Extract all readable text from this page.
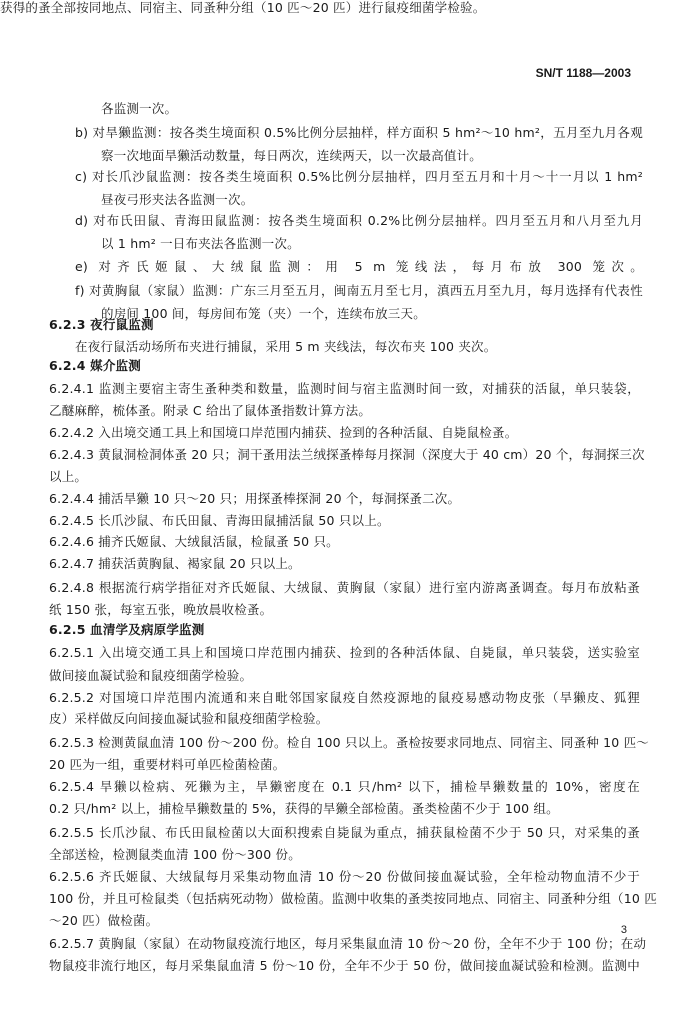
SN/T 1188—2003
各监测一次。
b) 对旱獭监测：按各类生境面积 0.5%比例分层抽样，样方面积 5 hm²～10 hm²，五月至九月各观
察一次地面旱獭活动数量，每日两次，连续两天，以一次最高值计。
c) 对长爪沙鼠监测：按各类生境面积 0.5%比例分层抽样，四月至五月和十月～十一月以 1 hm²
昼夜弓形夹法各监测一次。
d) 对布氏田鼠、青海田鼠监测：按各类生境面积 0.2%比例分层抽样。四月至五月和八月至九月
以 1 hm² 一日布夹法各监测一次。
e) 对齐氏姬鼠、大绒鼠监测：用 5 m 笼线法，每月布放 300 笼次。
f) 对黄胸鼠（家鼠）监测：广东三月至五月，闽南五月至七月，滇西五月至九月，每月选择有代表性
的房间 100 间，每房间布笼（夹）一个，连续布放三天。
6.2.3 夜行鼠监测
在夜行鼠活动场所布夹进行捕鼠，采用 5 m 夹线法，每次布夹 100 夹次。
6.2.4 媒介监测
6.2.4.1 监测主要宿主寄生蚤种类和数量，监测时间与宿主监测时间一致，对捕获的活鼠，单只装袋，
乙醚麻醉，梳体蚤。附录 C 给出了鼠体蚤指数计算方法。
6.2.4.2 入出境交通工具上和国境口岸范围内捕获、捡到的各种活鼠、自毙鼠检蚤。
6.2.4.3 黄鼠洞检洞体蚤 20 只；洞干蚤用法兰绒探蚤棒每月探洞（深度大于 40 cm）20 个，每洞探三次
以上。
6.2.4.4 捕活旱獭 10 只～20 只；用探蚤棒探洞 20 个，每洞探蚤二次。
6.2.4.5 长爪沙鼠、布氏田鼠、青海田鼠捕活鼠 50 只以上。
6.2.4.6 捕齐氏姬鼠、大绒鼠活鼠，检鼠蚤 50 只。
6.2.4.7 捕获活黄胸鼠、褐家鼠 20 只以上。
6.2.4.8 根据流行病学指征对齐氏姬鼠、大绒鼠、黄胸鼠（家鼠）进行室内游离蚤调查。每月布放粘蚤
纸 150 张，每室五张，晚放晨收检蚤。
6.2.5 血清学及病原学监测
6.2.5.1 入出境交通工具上和国境口岸范围内捕获、捡到的各种活体鼠、自毙鼠，单只装袋，送实验室
做间接血凝试验和鼠疫细菌学检验。
6.2.5.2 对国境口岸范围内流通和来自毗邻国家鼠疫自然疫源地的鼠疫易感动物皮张（旱獭皮、狐狸
皮）采样做反向间接血凝试验和鼠疫细菌学检验。
6.2.5.3 检测黄鼠血清 100 份～200 份。检自 100 只以上。蚤检按要求同地点、同宿主、同蚤种 10 匹～
20 匹为一组，重要材料可单匹检菌检菌。
6.2.5.4 旱獭以检病、死獭为主，旱獭密度在 0.1 只/hm² 以下，捕检旱獭数量的 10%，密度在
0.2 只/hm² 以上，捕检旱獭数量的 5%，获得的旱獭全部检菌。蚤类检菌不少于 100 组。
6.2.5.5 长爪沙鼠、布氏田鼠检菌以大面积搜索自毙鼠为重点，捕获鼠检菌不少于 50 只，对采集的蚤
全部送检，检测鼠类血清 100 份～300 份。
6.2.5.6 齐氏姬鼠、大绒鼠每月采集动物血清 10 份～20 份做间接血凝试验，全年检动物血清不少于
100 份，并且可检鼠类（包括病死动物）做检菌。监测中收集的蚤类按同地点、同宿主、同蚤种分组（10 匹
～20 匹）做检菌。
6.2.5.7 黄胸鼠（家鼠）在动物鼠疫流行地区，每月采集鼠血清 10 份～20 份，全年不少于 100 份；在动
物鼠疫非流行地区，每月采集鼠血清 5 份～10 份，全年不少于 50 份，做间接血凝试验和检测。监测中
获得的蚤全部按同地点、同宿主、同蚤种分组（10 匹～20 匹）进行鼠疫细菌学检验。
3
